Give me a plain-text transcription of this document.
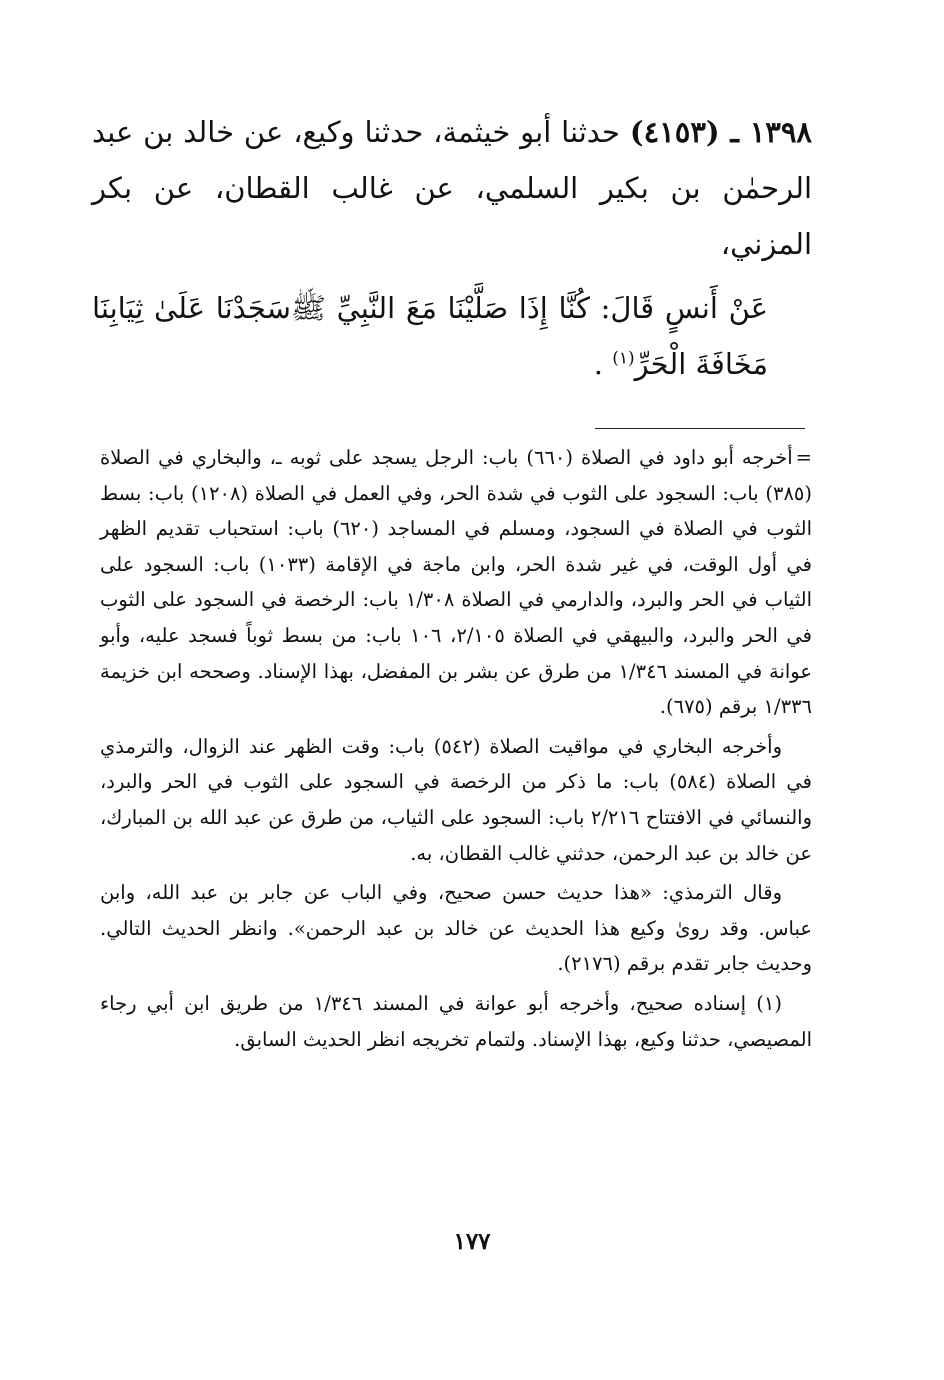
١٣٩٨ ـ (٤١٥٣) حدثنا أبو خيثمة، حدثنا وكيع، عن خالد بن عبد الرحمٰن بن بكير السلمي، عن غالب القطان، عن بكر المزني،

عَنْ أَنسٍ قَالَ: كُنَّا إِذَا صَلَّيْنَا مَعَ النَّبِيِّ ﷺسَجَدْنَا عَلَىٰ ثِيَابِنَا مَخَافَةَ الْحَرِّ$^{(١)}$ .

=أخرجه أبو داود في الصلاة (٦٦٠) باب: الرجل يسجد على ثوبه ـ، والبخاري في الصلاة (٣٨٥) باب: السجود على الثوب في شدة الحر، وفي العمل في الصلاة (١٢٠٨) باب: بسط الثوب في الصلاة في السجود، ومسلم في المساجد (٦٢٠) باب: استحباب تقديم الظهر في أول الوقت، في غير شدة الحر، وابن ماجة في الإقامة (١٠٣٣) باب: السجود على الثياب في الحر والبرد، والدارمي في الصلاة ١/٣٠٨ باب: الرخصة في السجود على الثوب في الحر والبرد، والبيهقي في الصلاة ٢/١٠٥، ١٠٦ باب: من بسط ثوباً فسجد عليه، وأبو عوانة في المسند ١/٣٤٦ من طرق عن بشر بن المفضل، بهذا الإسناد. وصححه ابن خزيمة ١/٣٣٦ برقم (٦٧٥).

وأخرجه البخاري في مواقيت الصلاة (٥٤٢) باب: وقت الظهر عند الزوال، والترمذي في الصلاة (٥٨٤) باب: ما ذكر من الرخصة في السجود على الثوب في الحر والبرد، والنسائي في الافتتاح ٢/٢١٦ باب: السجود على الثياب، من طرق عن عبد الله بن المبارك، عن خالد بن عبد الرحمن، حدثني غالب القطان، به.

وقال الترمذي: «هذا حديث حسن صحيح، وفي الباب عن جابر بن عبد الله، وابن عباس. وقد روىٰ وكيع هذا الحديث عن خالد بن عبد الرحمن». وانظر الحديث التالي. وحديث جابر تقدم برقم (٢١٧٦).

(١) إسناده صحيح، وأخرجه أبو عوانة في المسند ١/٣٤٦ من طريق ابن أبي رجاء المصيصي، حدثنا وكيع، بهذا الإسناد. ولتمام تخريجه انظر الحديث السابق.

١٧٧
